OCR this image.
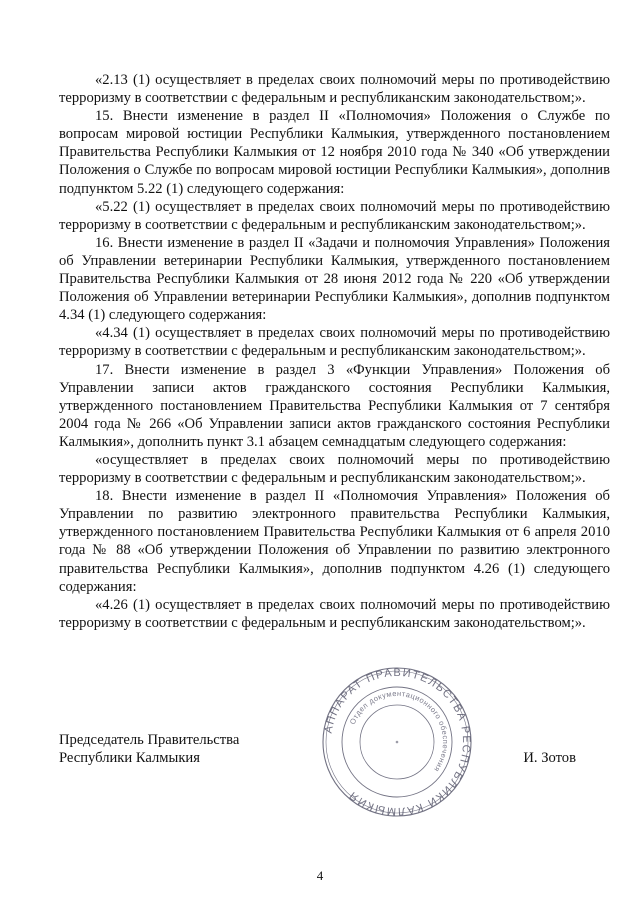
«2.13 (1) осуществляет в пределах своих полномочий меры по противодействию терроризму в соответствии с федеральным и республиканским законодательством;».

15. Внести изменение в раздел II «Полномочия» Положения о Службе по вопросам мировой юстиции Республики Калмыкия, утвержденного постановлением Правительства Республики Калмыкия от 12 ноября 2010 года № 340 «Об утверждении Положения о Службе по вопросам мировой юстиции Республики Калмыкия», дополнив подпунктом 5.22 (1) следующего содержания:

«5.22 (1) осуществляет в пределах своих полномочий меры по противодействию терроризму в соответствии с федеральным и республиканским законодательством;».

16. Внести изменение в раздел II «Задачи и полномочия Управления» Положения об Управлении ветеринарии Республики Калмыкия, утвержденного постановлением Правительства Республики Калмыкия от 28 июня 2012 года № 220 «Об утверждении Положения об Управлении ветеринарии Республики Калмыкия», дополнив подпунктом 4.34 (1) следующего содержания:

«4.34 (1) осуществляет в пределах своих полномочий меры по противодействию терроризму в соответствии с федеральным и республиканским законодательством;».

17. Внести изменение в раздел 3 «Функции Управления» Положения об Управлении записи актов гражданского состояния Республики Калмыкия, утвержденного постановлением Правительства Республики Калмыкия от 7 сентября 2004 года № 266 «Об Управлении записи актов гражданского состояния Республики Калмыкия», дополнить пункт 3.1 абзацем семнадцатым следующего содержания:

«осуществляет в пределах своих полномочий меры по противодействию терроризму в соответствии с федеральным и республиканским законодательством;».

18. Внести изменение в раздел II «Полномочия Управления» Положения об Управлении по развитию электронного правительства Республики Калмыкия, утвержденного постановлением Правительства Республики Калмыкия от 6 апреля 2010 года № 88 «Об утверждении Положения об Управлении по развитию электронного правительства Республики Калмыкия», дополнив подпунктом 4.26 (1) следующего содержания:

«4.26 (1) осуществляет в пределах своих полномочий меры по противодействию терроризму в соответствии с федеральным и республиканским законодательством;».

АППАРАТ ПРАВИТЕЛЬСТВА РЕСПУБЛИКИ КАЛМЫКИЯ
Отдел документационного обеспечения
Председатель Правительства
Республики Калмыкия	И. Зотов
4
